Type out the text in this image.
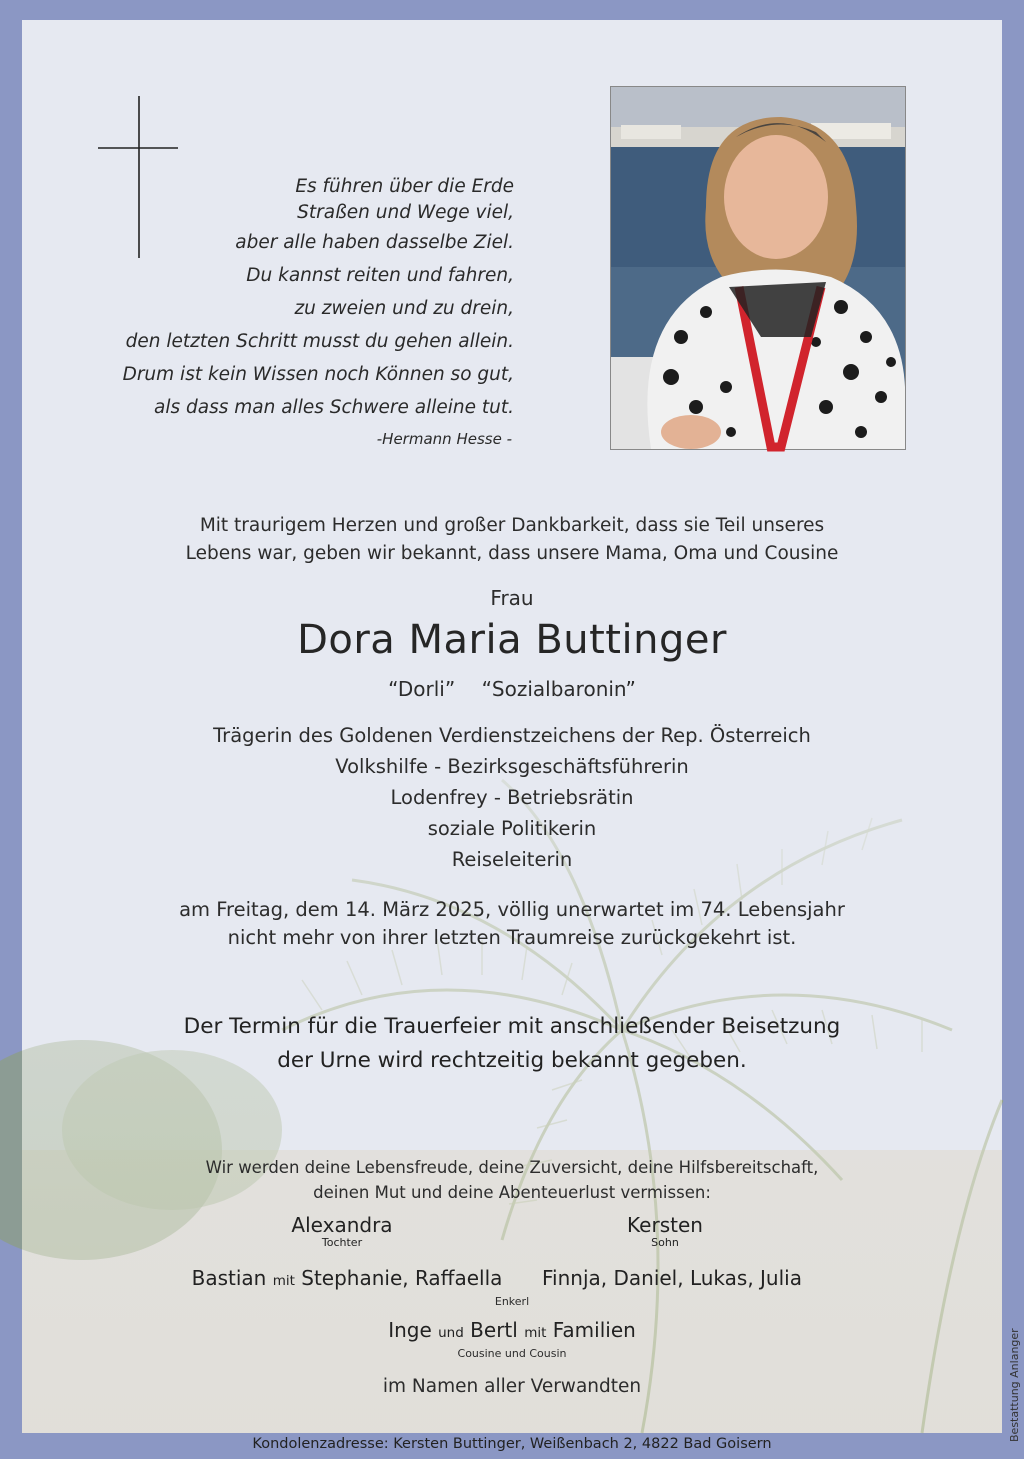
Es führen über die Erde
Straßen und Wege viel,
aber alle haben dasselbe Ziel.
Du kannst reiten und fahren,
zu zweien und zu drein,
den letzten Schritt musst du gehen allein.
Drum ist kein Wissen noch Können so gut,
als dass man alles Schwere alleine tut.
-Hermann Hesse -
Mit traurigem Herzen und großer Dankbarkeit, dass sie Teil unseres
Lebens war, geben wir bekannt, dass unsere Mama, Oma und Cousine
Frau
Dora Maria Buttinger
“Dorli” “Sozialbaronin”
Trägerin des Goldenen Verdienstzeichens der Rep. Österreich
Volkshilfe - Bezirksgeschäftsführerin
Lodenfrey - Betriebsrätin
soziale Politikerin
Reiseleiterin
am Freitag, dem 14. März 2025, völlig unerwartet im 74. Lebensjahr
nicht mehr von ihrer letzten Traumreise zurückgekehrt ist.
Der Termin für die Trauerfeier mit anschließender Beisetzung
der Urne wird rechtzeitig bekannt gegeben.
Wir werden deine Lebensfreude, deine Zuversicht, deine Hilfsbereitschaft,
deinen Mut und deine Abenteuerlust vermissen:
Alexandra
Tochter
Kersten
Sohn
Bastian mit Stephanie, Raffaella	Finnja, Daniel, Lukas, Julia
Enkerl
Inge und Bertl mit Familien
Cousine und Cousin
im Namen aller Verwandten	Bestattung Anlanger
Kondolenzadresse: Kersten Buttinger, Weißenbach 2, 4822 Bad Goisern
